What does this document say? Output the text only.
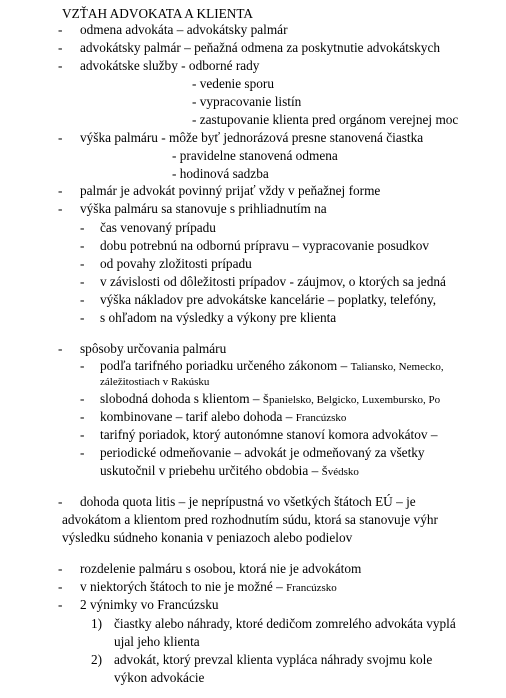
VZŤAH ADVOKATA A KLIENTA
- odmena advokáta – advokátsky palmár
- advokátsky palmár – peňažná odmena za poskytnutie advokátskych
- advokátske služby - odborné rady
- vedenie sporu
- vypracovanie listín
- zastupovanie klienta pred orgánom verejnej moc
- výška palmáru - môže byť jednorázová presne stanovená čiastka
- pravidelne stanovená odmena
- hodinová sadzba
- palmár je advokát povinný prijať vždy v peňažnej forme
- výška palmáru sa stanovuje s prihliadnutím na
- čas venovaný prípadu
- dobu potrebnú na odbornú prípravu – vypracovanie posudkov
- od povahy zložitosti prípadu
- v závislosti od dôležitosti prípadov - záujmov, o ktorých sa jedná
- výška nákladov pre advokátske kancelárie – poplatky, telefóny,
- s ohľadom na výsledky a výkony pre klienta
- spôsoby určovania palmáru
- podľa tarifného poriadku určeného zákonom – Taliansko, Nemecko,
záležitostiach v Rakúsku
- slobodná dohoda s klientom – Španielsko, Belgicko, Luxembursko, Po
- kombinovane – tarif alebo dohoda – Francúzsko
- tarifný poriadok, ktorý autonómne stanoví komora advokátov –
- periodické odmeňovanie – advokát je odmeňovaný za všetky
uskutočnil v priebehu určitého obdobia – Švédsko
- dohoda quota litis – je neprípustná vo všetkých štátoch EÚ – je
advokátom a klientom pred rozhodnutím súdu, ktorá sa stanovuje výhr
výsledku súdneho konania v peniazoch alebo podielov
- rozdelenie palmáru s osobou, ktorá nie je advokátom
- v niektorých štátoch to nie je možné – Francúzsko
- 2 výnimky vo Francúzsku
1) čiastky alebo náhrady, ktoré dedičom zomrelého advokáta vyplá
ujal jeho klienta
2) advokát, ktorý prevzal klienta vypláca náhrady svojmu kole
výkon advokácie
